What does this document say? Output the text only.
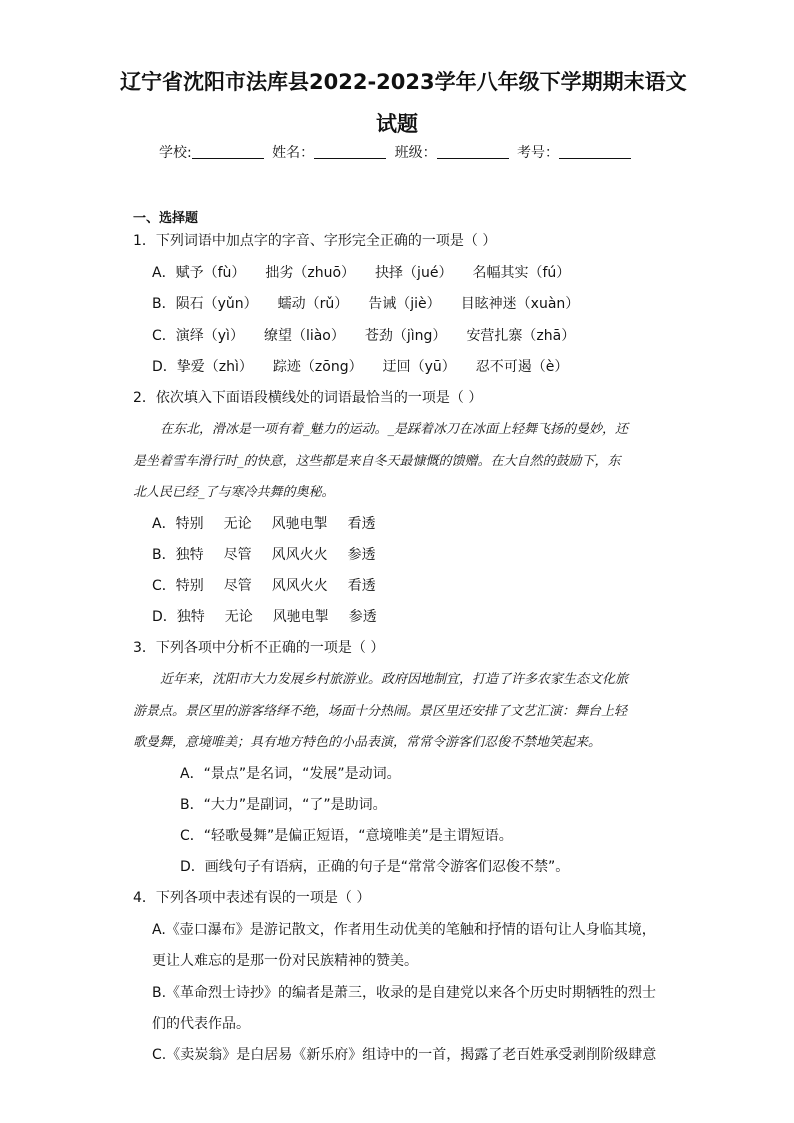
辽宁省沈阳市法库县2022-2023学年八年级下学期期末语文
试题
学校:	姓名：	班级：	考号：
一、选择题
1．下列词语中加点字的字音、字形完全正确的一项是（ ）
A．赋予（fù） 拙劣（zhuō） 抉择（jué） 名幅其实（fú）
B．陨石（yǔn） 蠕动（rǔ） 告诫（jiè） 目眩神迷（xuàn）
C．演绎（yì） 缭望（liào） 苍劲（jìng） 安营扎寨（zhā）
D．挚爱（zhì） 踪迹（zōng） 迂回（yū） 忍不可遏（è）
2．依次填入下面语段横线处的词语最恰当的一项是（ ）
在东北，滑冰是一项有着_魅力的运动。_是踩着冰刀在冰面上轻舞飞扬的曼妙，还
是坐着雪车滑行时_的快意，这些都是来自冬天最慷慨的馈赠。在大自然的鼓励下，东
北人民已经_了与寒冷共舞的奥秘。
A．特别 无论 风驰电掣 看透
B．独特 尽管 风风火火 参透
C．特别 尽管 风风火火 看透
D．独特 无论 风驰电掣 参透
3．下列各项中分析不正确的一项是（ ）
近年来，沈阳市大力发展乡村旅游业。政府因地制宜，打造了许多农家生态文化旅
游景点。景区里的游客络绎不绝，场面十分热闹。景区里还安排了文艺汇演：舞台上轻
歌曼舞，意境唯美；具有地方特色的小品表演，常常令游客们忍俊不禁地笑起来。
A．“景点”是名词，“发展”是动词。
B．“大力”是副词，“了”是助词。
C．“轻歌曼舞”是偏正短语，“意境唯美”是主谓短语。
D．画线句子有语病，正确的句子是“常常令游客们忍俊不禁”。
4．下列各项中表述有误的一项是（ ）
A.《壶口瀑布》是游记散文，作者用生动优美的笔触和抒情的语句让人身临其境，
更让人难忘的是那一份对民族精神的赞美。
B.《革命烈士诗抄》的编者是萧三，收录的是自建党以来各个历史时期牺牲的烈士
们的代表作品。
C.《卖炭翁》是白居易《新乐府》组诗中的一首，揭露了老百姓承受剥削阶级肆意
